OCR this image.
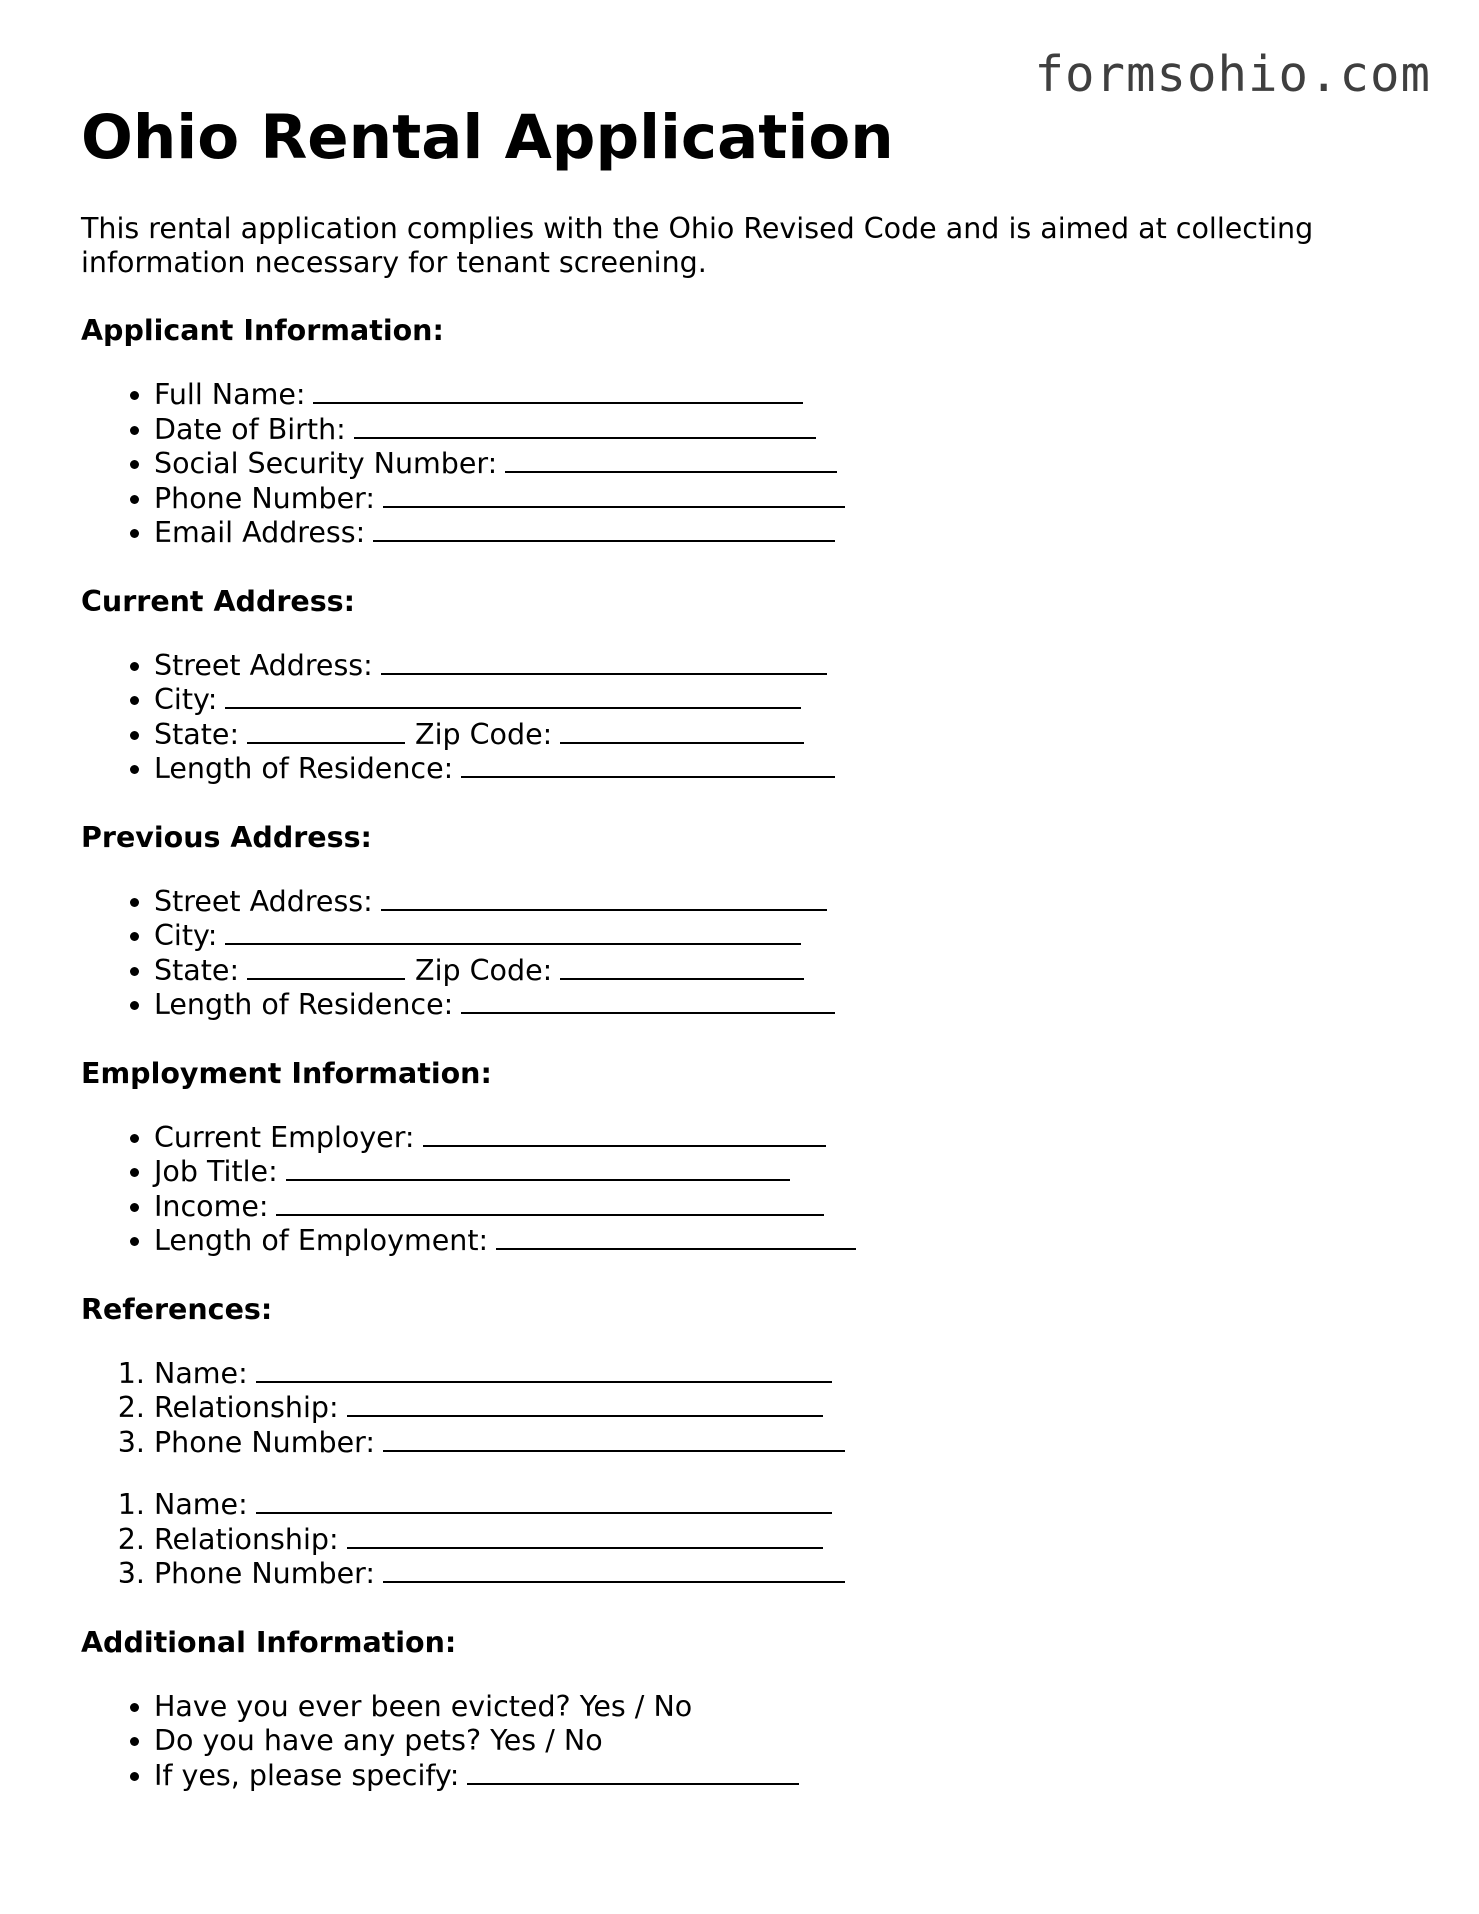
formsohio.com
Ohio Rental Application

This rental application complies with the Ohio Revised Code and is aimed at collecting information necessary for tenant screening.

Applicant Information:
• Full Name:
• Date of Birth:
• Social Security Number:
• Phone Number:
• Email Address:
Current Address:
• Street Address:
• City:
• State:	Zip Code:
• Length of Residence:
Previous Address:
• Street Address:
• City:
• State:	Zip Code:
• Length of Residence:
Employment Information:
• Current Employer:
• Job Title:
• Income:
• Length of Employment:
References:
1. Name:
2. Relationship:
3. Phone Number:
1. Name:
2. Relationship:
3. Phone Number:
Additional Information:
• Have you ever been evicted? Yes / No
• Do you have any pets? Yes / No
• If yes, please specify:
